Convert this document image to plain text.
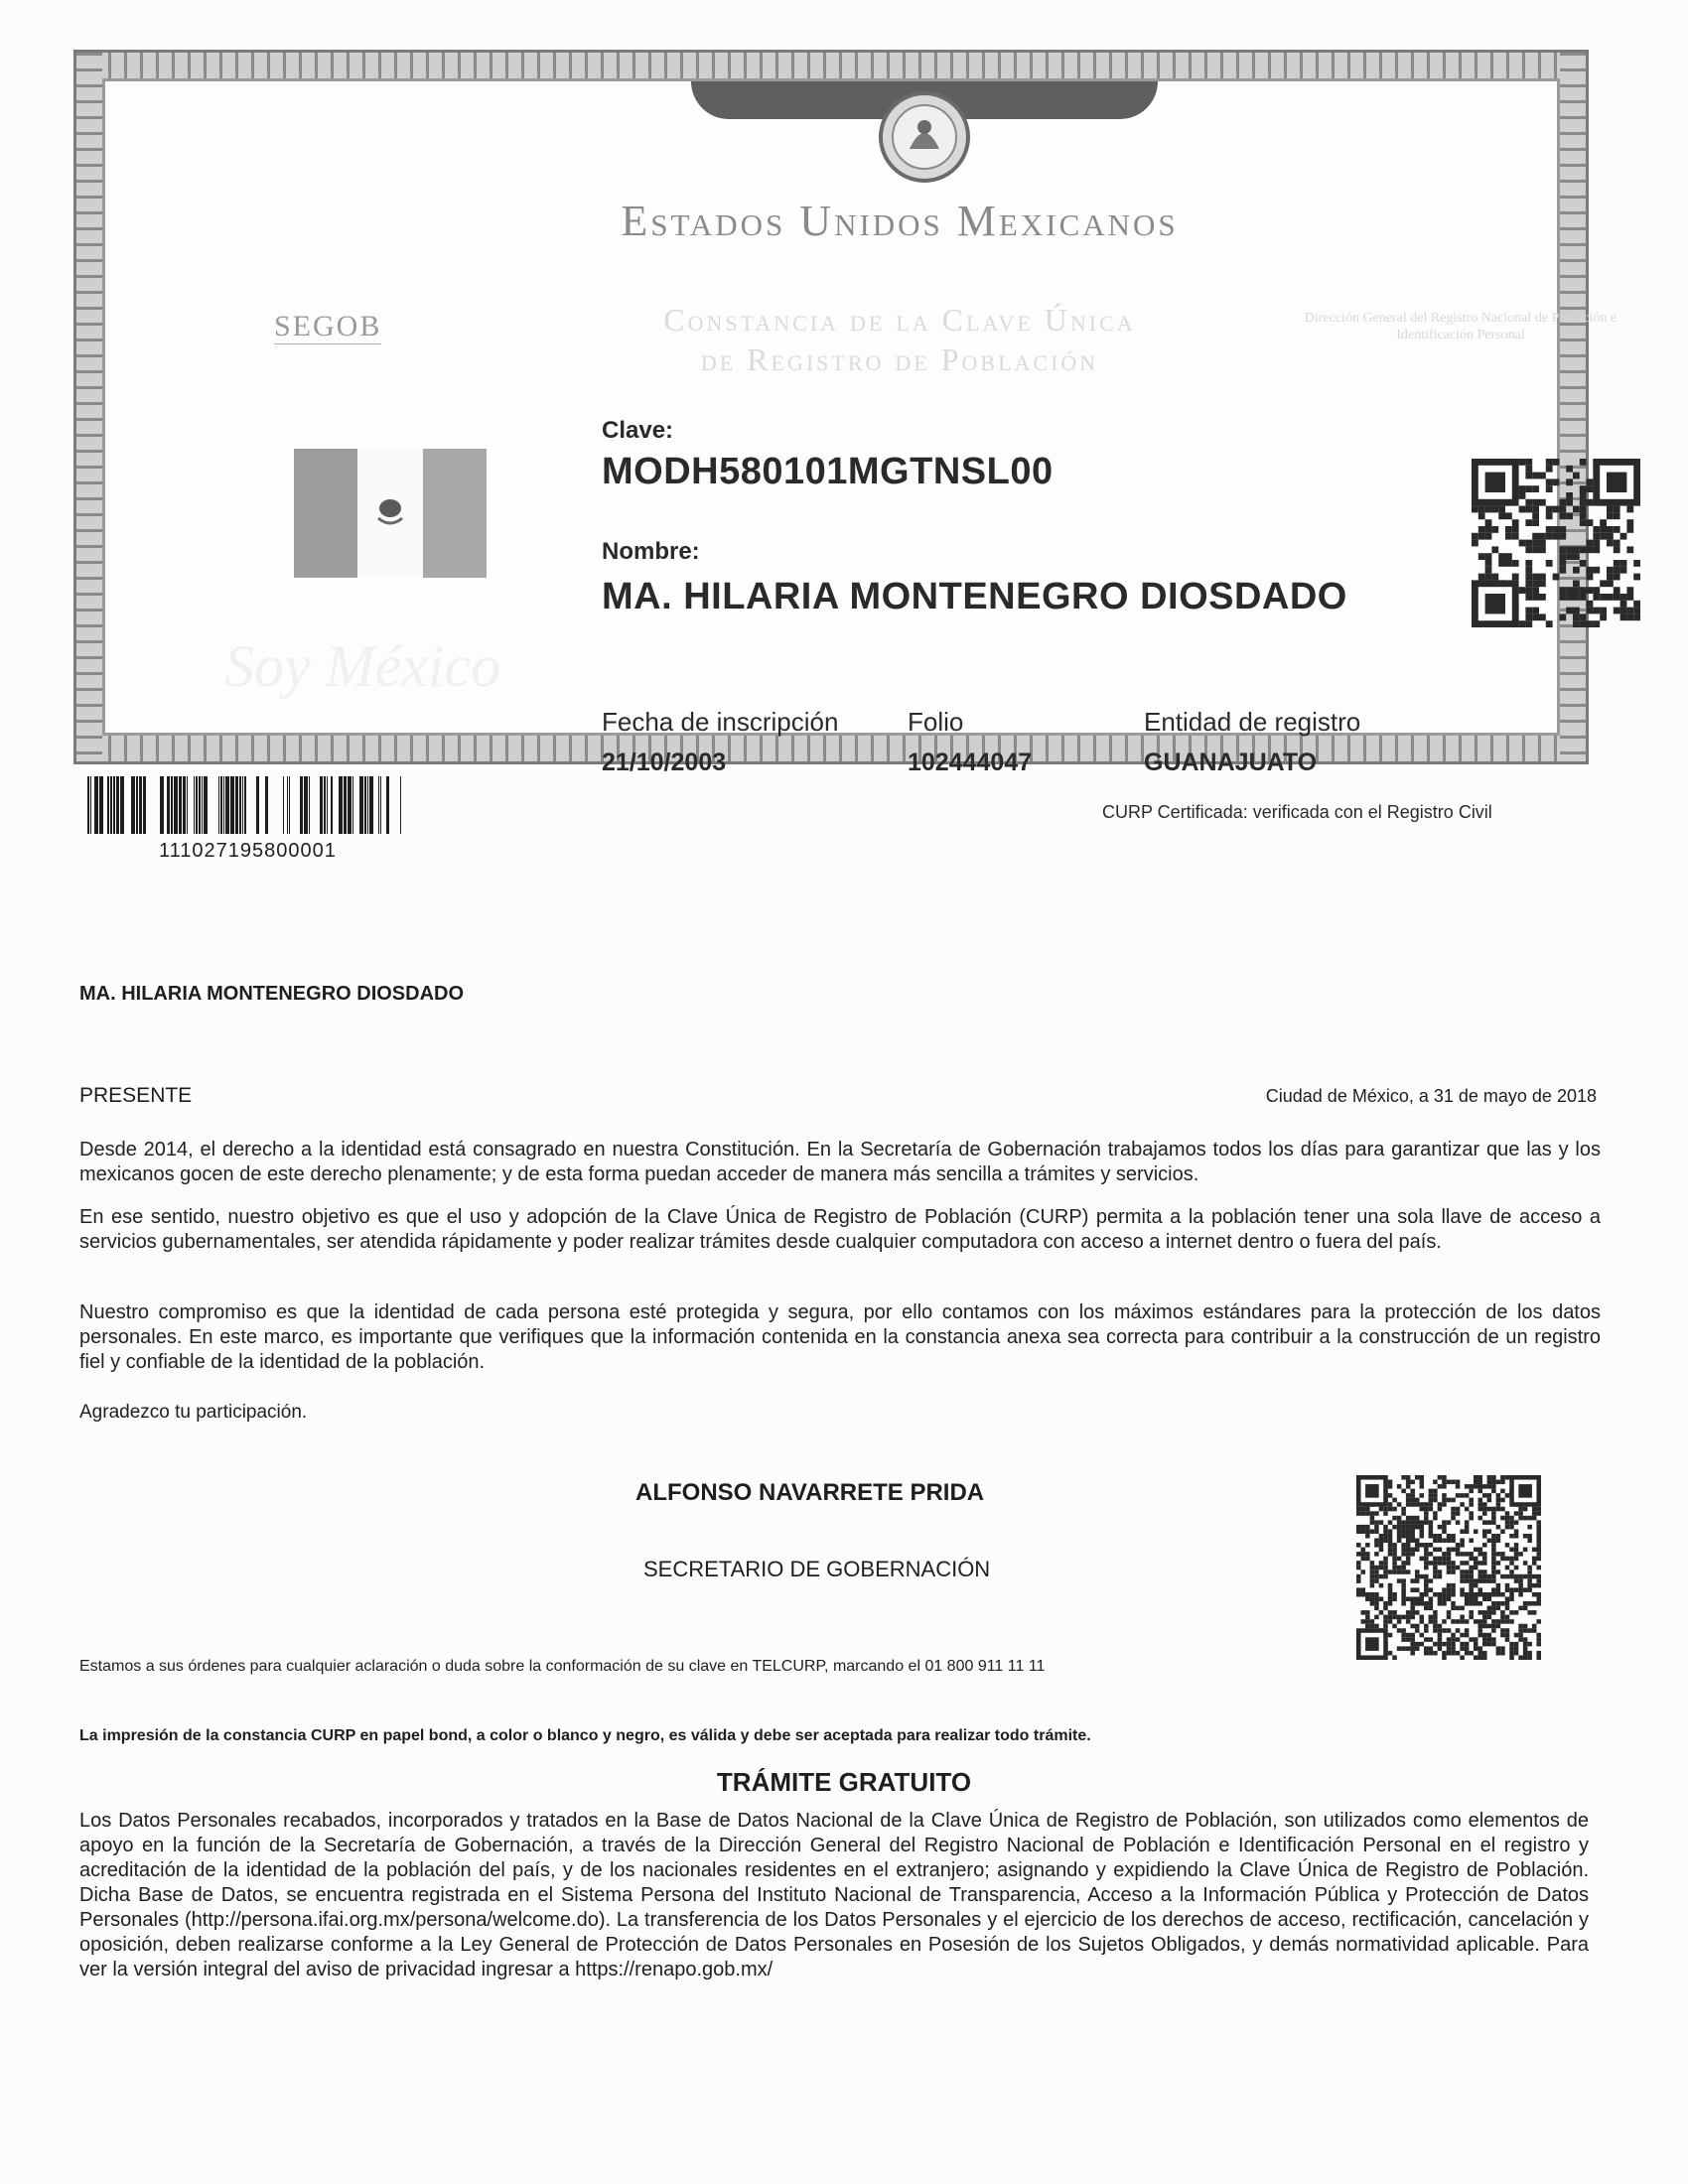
Estados Unidos Mexicanos
Constancia de la Clave Única
de Registro de Población
SEGOB	Dirección General del Registro Nacional de Población e Identificación Personal
Soy México
Clave:
MODH580101MGTNSL00
Nombre:
MA. HILARIA MONTENEGRO DIOSDADO
Fecha de inscripción
21/10/2003
Folio
102444047
Entidad de registro
GUANAJUATO
111027195800001
CURP Certificada: verificada con el Registro Civil
MA. HILARIA MONTENEGRO DIOSDADO
PRESENTE	Ciudad de México, a 31 de mayo de 2018
Desde 2014, el derecho a la identidad está consagrado en nuestra Constitución. En la Secretaría de Gobernación trabajamos todos los días para garantizar que las y los mexicanos gocen de este derecho plenamente; y de esta forma puedan acceder de manera más sencilla a trámites y servicios.
En ese sentido, nuestro objetivo es que el uso y adopción de la Clave Única de Registro de Población (CURP) permita a la población tener una sola llave de acceso a servicios gubernamentales, ser atendida rápidamente y poder realizar trámites desde cualquier computadora con acceso a internet dentro o fuera del país.
Nuestro compromiso es que la identidad de cada persona esté protegida y segura, por ello contamos con los máximos estándares para la protección de los datos personales. En este marco, es importante que verifiques que la información contenida en la constancia anexa sea correcta para contribuir a la construcción de un registro fiel y confiable de la identidad de la población.
Agradezco tu participación.
ALFONSO NAVARRETE PRIDA
SECRETARIO DE GOBERNACIÓN
Estamos a sus órdenes para cualquier aclaración o duda sobre la conformación de su clave en TELCURP, marcando el 01 800 911 11 11
La impresión de la constancia CURP en papel bond, a color o blanco y negro, es válida y debe ser aceptada para realizar todo trámite.
TRÁMITE GRATUITO
Los Datos Personales recabados, incorporados y tratados en la Base de Datos Nacional de la Clave Única de Registro de Población, son utilizados como elementos de apoyo en la función de la Secretaría de Gobernación, a través de la Dirección General del Registro Nacional de Población e Identificación Personal en el registro y acreditación de la identidad de la población del país, y de los nacionales residentes en el extranjero; asignando y expidiendo la Clave Única de Registro de Población. Dicha Base de Datos, se encuentra registrada en el Sistema Persona del Instituto Nacional de Transparencia, Acceso a la Información Pública y Protección de Datos Personales (http://persona.ifai.org.mx/persona/welcome.do). La transferencia de los Datos Personales y el ejercicio de los derechos de acceso, rectificación, cancelación y oposición, deben realizarse conforme a la Ley General de Protección de Datos Personales en Posesión de los Sujetos Obligados, y demás normatividad aplicable. Para ver la versión integral del aviso de privacidad ingresar a https://renapo.gob.mx/
